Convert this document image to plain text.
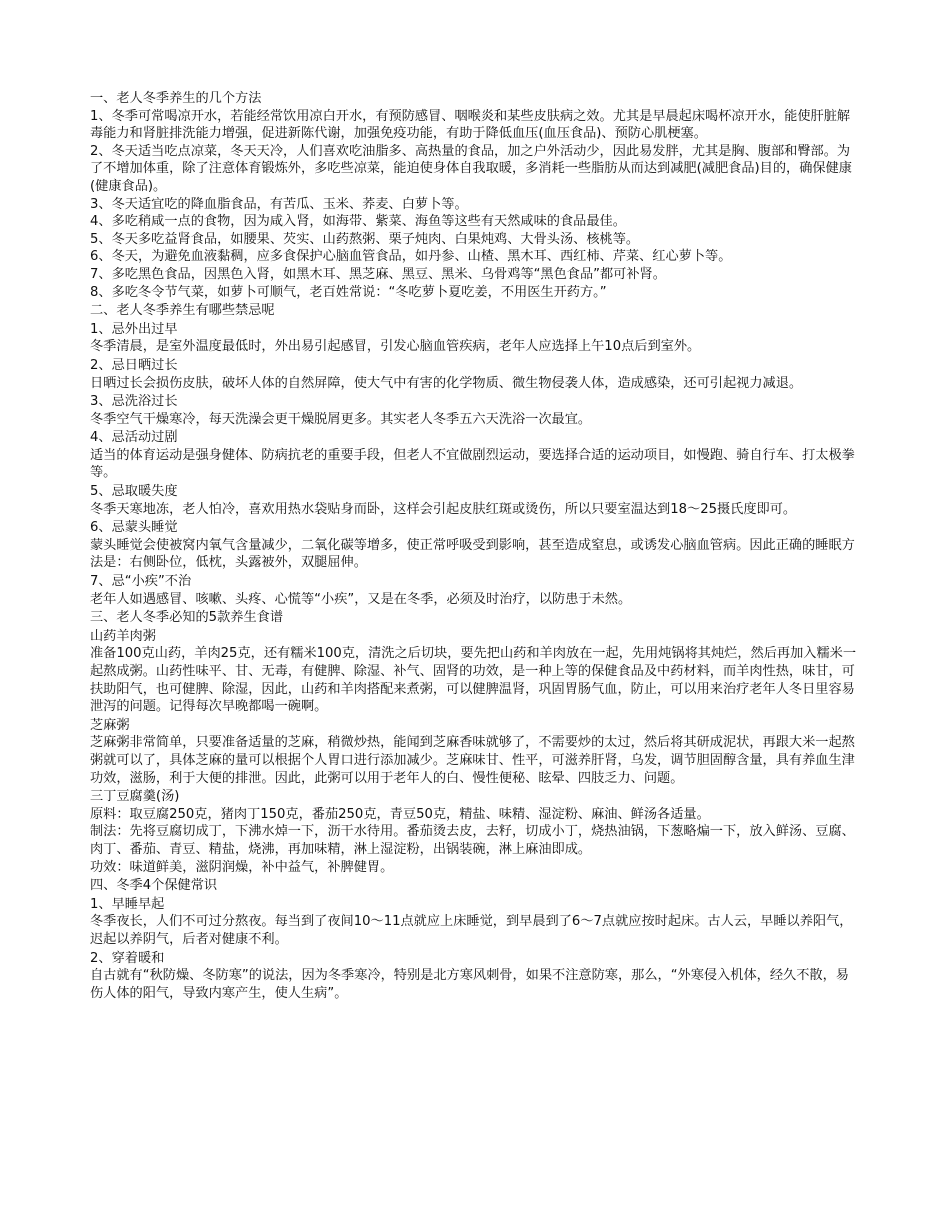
一、老人冬季养生的几个方法

1、冬季可常喝凉开水，若能经常饮用凉白开水，有预防感冒、咽喉炎和某些皮肤病之效。尤其是早晨起床喝杯凉开水，能使肝脏解毒能力和肾脏排洗能力增强，促进新陈代谢，加强免疫功能，有助于降低血压(血压食品)、预防心肌梗塞。

2、冬天适当吃点凉菜，冬天天冷，人们喜欢吃油脂多、高热量的食品，加之户外活动少，因此易发胖，尤其是胸、腹部和臀部。为了不增加体重，除了注意体育锻炼外，多吃些凉菜，能迫使身体自我取暖，多消耗一些脂肪从而达到减肥(减肥食品)目的，确保健康(健康食品)。

3、冬天适宜吃的降血脂食品，有苦瓜、玉米、荞麦、白萝卜等。

4、多吃稍咸一点的食物，因为咸入肾，如海带、紫菜、海鱼等这些有天然咸味的食品最佳。

5、冬天多吃益肾食品，如腰果、芡实、山药熬粥、栗子炖肉、白果炖鸡、大骨头汤、核桃等。

6、冬天，为避免血液黏稠，应多食保护心脑血管食品，如丹参、山楂、黑木耳、西红柿、芹菜、红心萝卜等。

7、多吃黑色食品，因黑色入肾，如黑木耳、黑芝麻、黑豆、黑米、乌骨鸡等“黑色食品”都可补肾。

8、多吃冬令节气菜，如萝卜可顺气，老百姓常说：“冬吃萝卜夏吃姜，不用医生开药方。”

二、老人冬季养生有哪些禁忌呢

1、忌外出过早

冬季清晨，是室外温度最低时，外出易引起感冒，引发心脑血管疾病，老年人应选择上午10点后到室外。

2、忌日晒过长

日晒过长会损伤皮肤，破坏人体的自然屏障，使大气中有害的化学物质、微生物侵袭人体，造成感染，还可引起视力减退。

3、忌洗浴过长

冬季空气干燥寒冷，每天洗澡会更干燥脱屑更多。其实老人冬季五六天洗浴一次最宜。

4、忌活动过剧

适当的体育运动是强身健体、防病抗老的重要手段，但老人不宜做剧烈运动，要选择合适的运动项目，如慢跑、骑自行车、打太极拳等。

5、忌取暖失度

冬季天寒地冻，老人怕冷，喜欢用热水袋贴身而卧，这样会引起皮肤红斑或烫伤，所以只要室温达到18～25摄氏度即可。

6、忌蒙头睡觉

蒙头睡觉会使被窝内氧气含量减少，二氧化碳等增多，使正常呼吸受到影响，甚至造成窒息，或诱发心脑血管病。因此正确的睡眠方法是：右侧卧位，低枕，头露被外，双腿屈伸。

7、忌“小疾”不治

老年人如遇感冒、咳嗽、头疼、心慌等“小疾”，又是在冬季，必须及时治疗，以防患于未然。

三、老人冬季必知的5款养生食谱

山药羊肉粥

准备100克山药，羊肉25克，还有糯米100克，清洗之后切块，要先把山药和羊肉放在一起，先用炖锅将其炖烂，然后再加入糯米一起熬成粥。山药性味平、甘、无毒，有健脾、除湿、补气、固肾的功效，是一种上等的保健食品及中药材料，而羊肉性热，味甘，可扶助阳气，也可健脾、除湿，因此，山药和羊肉搭配来煮粥，可以健脾温肾，巩固胃肠气血，防止，可以用来治疗老年人冬日里容易泄泻的问题。记得每次早晚都喝一碗啊。

芝麻粥

芝麻粥非常简单，只要准备适量的芝麻，稍微炒热，能闻到芝麻香味就够了，不需要炒的太过，然后将其研成泥状，再跟大米一起熬粥就可以了，具体芝麻的量可以根据个人胃口进行添加减少。芝麻味甘、性平，可滋养肝肾，乌发，调节胆固醇含量，具有养血生津功效，滋肠，利于大便的排泄。因此，此粥可以用于老年人的白、慢性便秘、眩晕、四肢乏力、问题。

三丁豆腐羹(汤)

原料：取豆腐250克，猪肉丁150克，番茄250克，青豆50克，精盐、味精、湿淀粉、麻油、鲜汤各适量。

制法：先将豆腐切成丁，下沸水焯一下，沥干水待用。番茄烫去皮，去籽，切成小丁，烧热油锅，下葱略煸一下，放入鲜汤、豆腐、肉丁、番茄、青豆、精盐，烧沸，再加味精，淋上湿淀粉，出锅装碗，淋上麻油即成。

功效：味道鲜美，滋阴润燥，补中益气，补脾健胃。

四、冬季4个保健常识

1、早睡早起

冬季夜长，人们不可过分熬夜。每当到了夜间10～11点就应上床睡觉，到早晨到了6～7点就应按时起床。古人云，早睡以养阳气，迟起以养阴气，后者对健康不利。

2、穿着暖和

自古就有“秋防燥、冬防寒”的说法，因为冬季寒冷，特别是北方寒风刺骨，如果不注意防寒，那么，“外寒侵入机体，经久不散，易伤人体的阳气，导致内寒产生，使人生病”。
